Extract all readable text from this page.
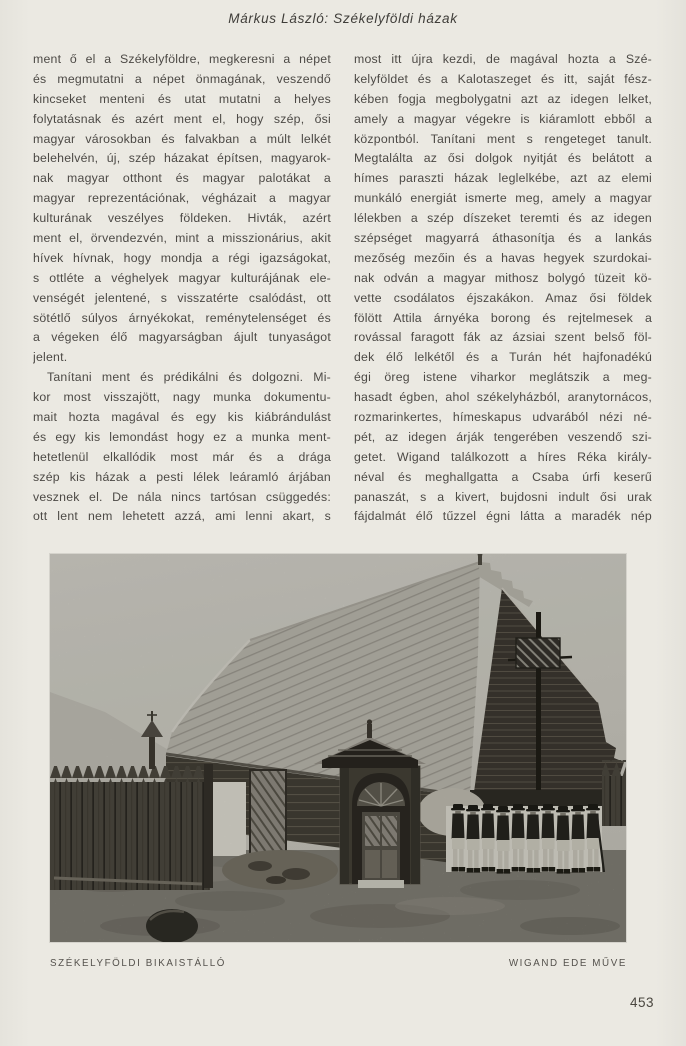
Márkus László: Székelyföldi házak
ment ő el a Székelyföldre, megkeresni a népet
és megmutatni a népet önmagának, veszendő
kincseket menteni és utat mutatni a helyes
folytatásnak és azért ment el, hogy szép, ősi
magyar városokban és falvakban a múlt lelkét
belehelvén, új, szép házakat építsen, magyarok-
nak magyar otthont és magyar palotákat a
magyar reprezentációnak, végházait a magyar
kulturának veszélyes földeken. Hivták, azért
ment el, örvendezvén, mint a misszionárius, akit
hívek hívnak, hogy mondja a régi igazságokat,
s ottléte a véghelyek magyar kulturájának ele-
venségét jelentené, s visszatérte csalódást, ott
sötétlő súlyos árnyékokat, reménytelenséget és
a végeken élő magyarságban ájult tunyaságot
jelent.
Tanítani ment és prédikálni és dolgozni. Mi-
kor most visszajött, nagy munka dokumentu-
mait hozta magával és egy kis kiábrándulást
és egy kis lemondást hogy ez a munka ment-
hetetlenül elkallódik most már és a drága
szép kis házak a pesti lélek leáramló árjában
vesznek el. De nála nincs tartósan csüggedés:
ott lent nem lehetett azzá, ami lenni akart, s
most itt újra kezdi, de magával hozta a Szé-
kelyföldet és a Kalotaszeget és itt, saját fész-
kében fogja megbolygatni azt az idegen lelket,
amely a magyar végekre is kiáramlott ebből a
központból. Tanítani ment s rengeteget tanult.
Megtalálta az ősi dolgok nyitját és belátott a
hímes paraszti házak leglelkébe, azt az elemi
munkáló energiát ismerte meg, amely a magyar
lélekben a szép díszeket teremti és az idegen
szépséget magyarrá áthasonítja és a lankás
mezőség mezőin és a havas hegyek szurdokai-
nak odván a magyar mithosz bolygó tüzeit kö-
vette csodálatos éjszakákon. Amaz ősi földek
fölött Attila árnyéka borong és rejtelmesek a
rovással faragott fák az ázsiai szent belső föl-
dek élő lelkétől és a Turán hét hajfonadékú
égi öreg istene viharkor meglátszik a meg-
hasadt égben, ahol székelyházból, aranytornácos,
rozmarinkertes, hímeskapus udvarából nézi né-
pét, az idegen árják tengerében veszendő szi-
getet. Wigand találkozott a híres Réka király-
néval és meghallgatta a Csaba úrfi keserű
panaszát, s a kivert, bujdosni indult ősi urak
fájdalmát élő tűzzel égni látta a maradék nép
SZÉKELYFÖLDI BIKAISTÁLLÓ	WIGAND EDE MŰVE
453
